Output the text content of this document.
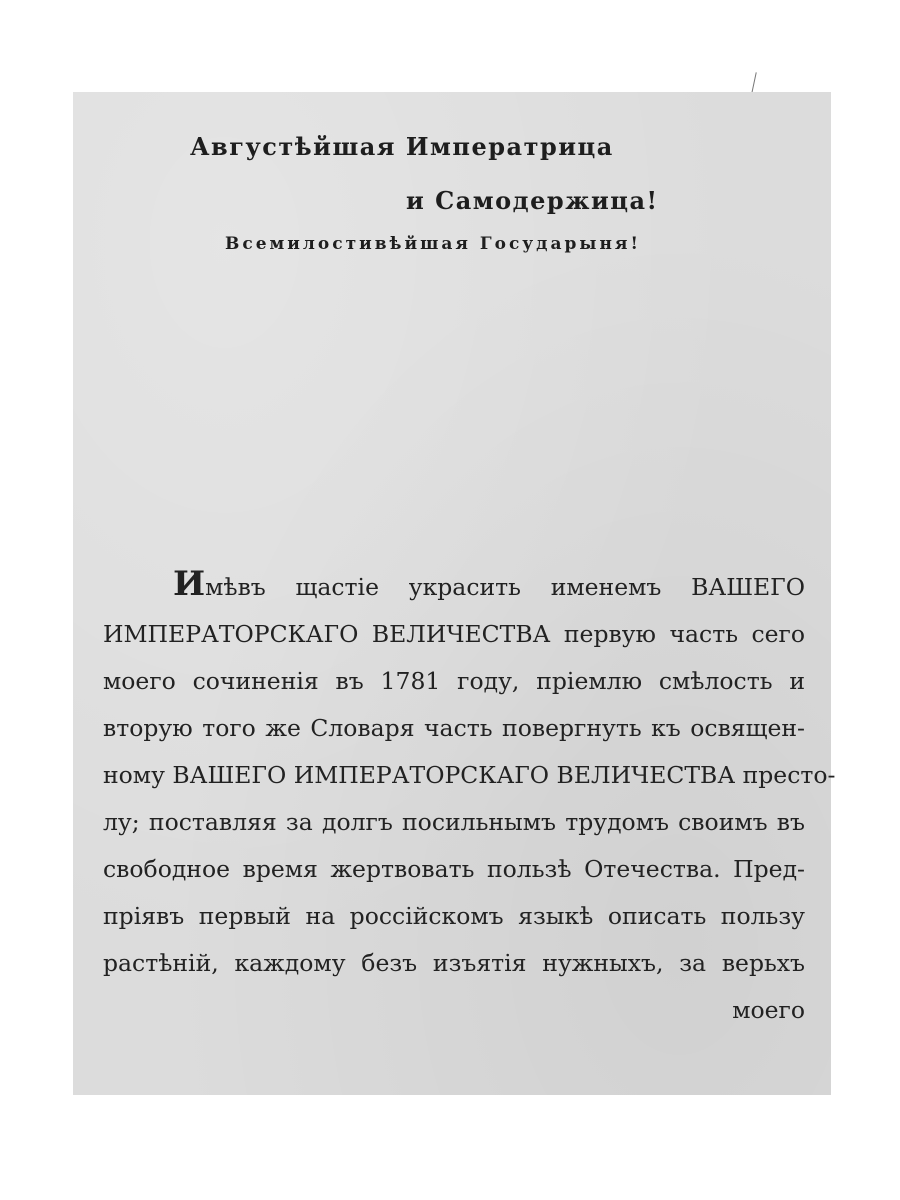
Августѣйшая Императрица
и Самодержица!
Всемилостивѣйшая Государыня!
Имѣвъ щастіе украсить именемъ ВАШЕГО
ИМПЕРАТОРСКАГО ВЕЛИЧЕСТВА первую часть сего
моего сочиненія въ 1781 году, пріемлю смѣлость и
вторую того же Словаря часть повергнуть къ освящен-
ному ВАШЕГО ИМПЕРАТОРСКАГО ВЕЛИЧЕСТВА престо-
лу; поставляя за долгъ посильнымъ трудомъ своимъ въ
свободное время жертвовать пользѣ Отечества. Пред-
пріявъ первый на россійскомъ языкѣ описать пользу
растѣній, каждому безъ изъятія нужныхъ, за верьхъ
моего
